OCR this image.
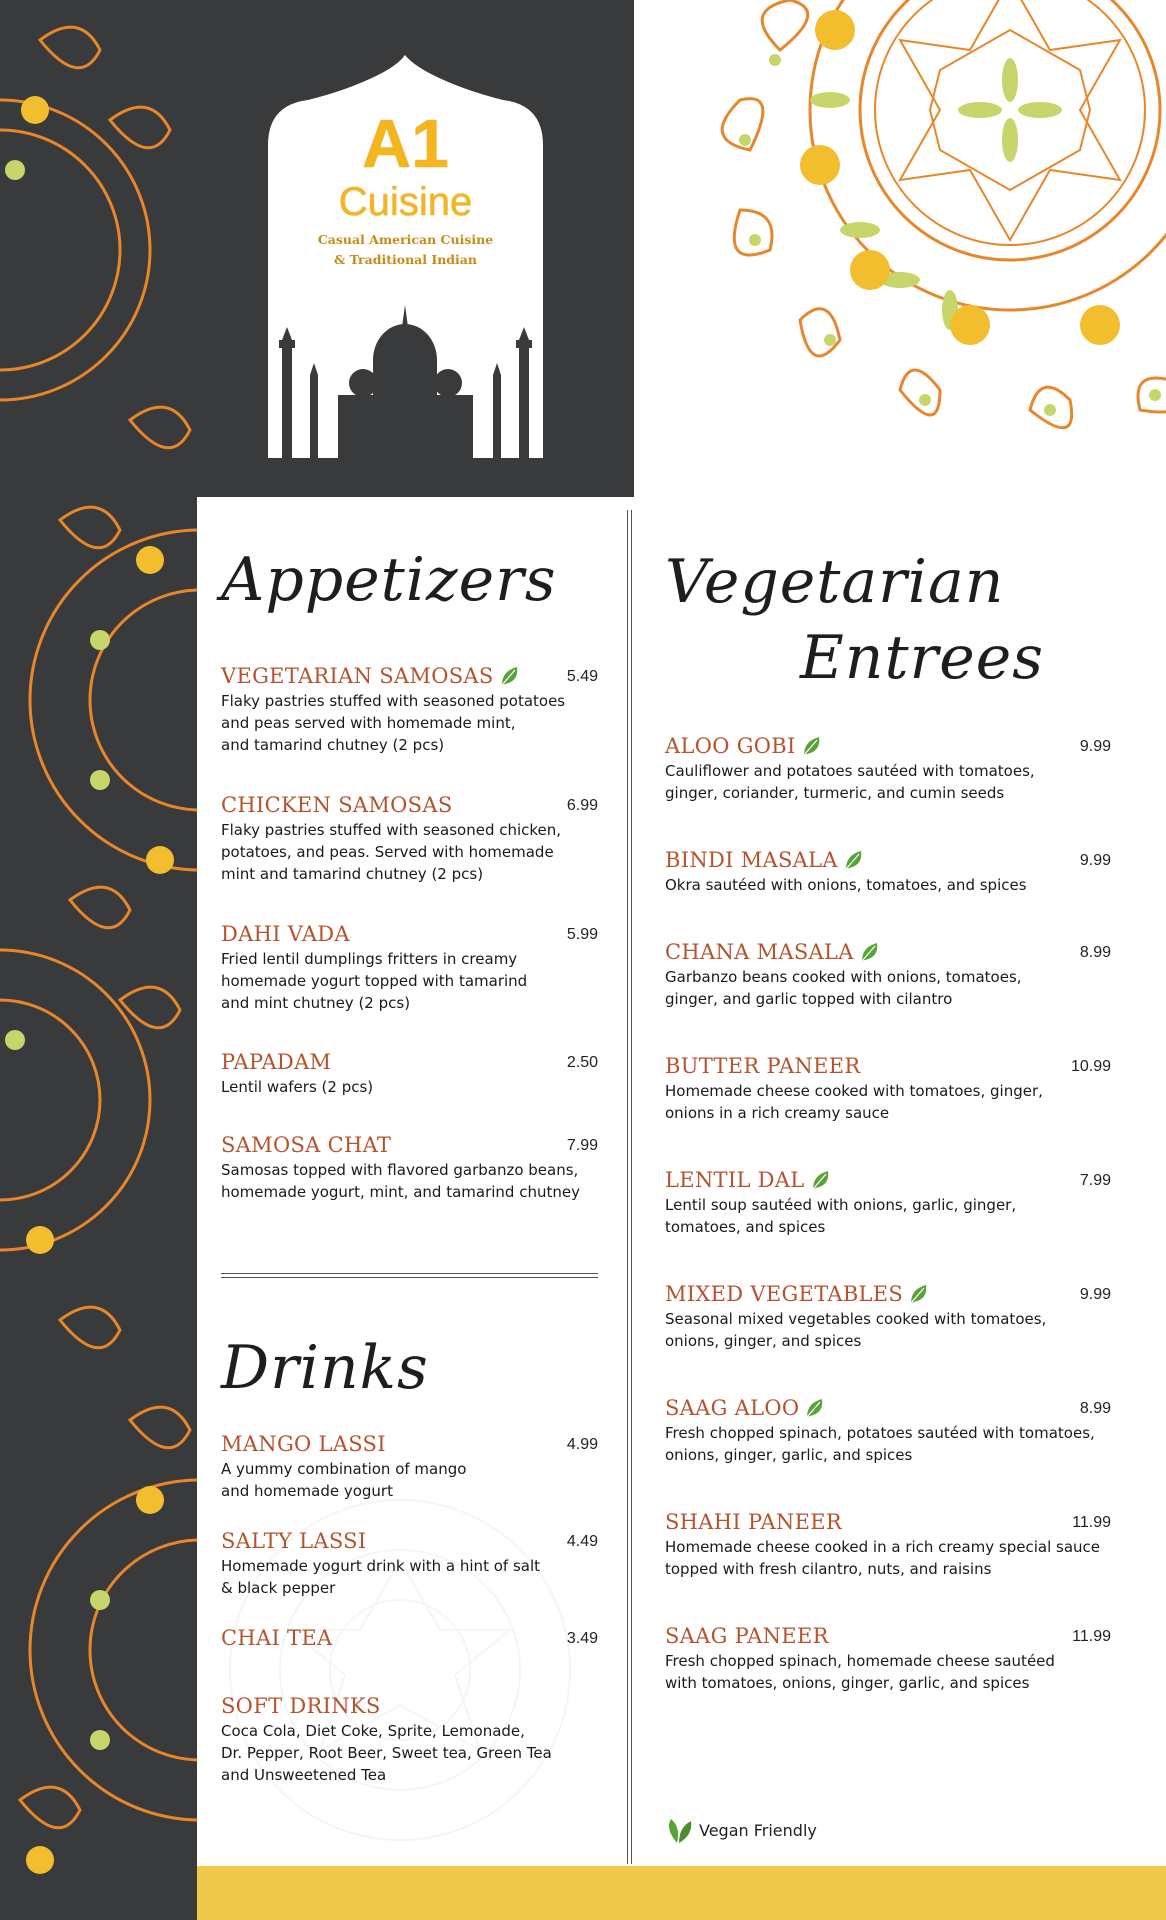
A1
Cuisine
Casual American Cuisine
& Traditional Indian
Appetizers
VEGETARIAN SAMOSAS	5.49
Flaky pastries stuffed with seasoned potatoes
and peas served with homemade mint,
and tamarind chutney (2 pcs)
CHICKEN SAMOSAS	6.99
Flaky pastries stuffed with seasoned chicken,
potatoes, and peas. Served with homemade
mint and tamarind chutney (2 pcs)
DAHI VADA	5.99
Fried lentil dumplings fritters in creamy
homemade yogurt topped with tamarind
and mint chutney (2 pcs)
PAPADAM	2.50
Lentil wafers (2 pcs)
SAMOSA CHAT	7.99
Samosas topped with flavored garbanzo beans,
homemade yogurt, mint, and tamarind chutney
Drinks
MANGO LASSI	4.99
A yummy combination of mango
and homemade yogurt
SALTY LASSI	4.49
Homemade yogurt drink with a hint of salt
& black pepper
CHAI TEA	3.49
SOFT DRINKS
Coca Cola, Diet Coke, Sprite, Lemonade,
Dr. Pepper, Root Beer, Sweet tea, Green Tea
and Unsweetened Tea
Vegetarian
Entrees
ALOO GOBI	9.99
Cauliflower and potatoes sautéed with tomatoes,
ginger, coriander, turmeric, and cumin seeds
BINDI MASALA	9.99
Okra sautéed with onions, tomatoes, and spices
CHANA MASALA	8.99
Garbanzo beans cooked with onions, tomatoes,
ginger, and garlic topped with cilantro
BUTTER PANEER	10.99
Homemade cheese cooked with tomatoes, ginger,
onions in a rich creamy sauce
LENTIL DAL	7.99
Lentil soup sautéed with onions, garlic, ginger,
tomatoes, and spices
MIXED VEGETABLES	9.99
Seasonal mixed vegetables cooked with tomatoes,
onions, ginger, and spices
SAAG ALOO	8.99
Fresh chopped spinach, potatoes sautéed with tomatoes,
onions, ginger, garlic, and spices
SHAHI PANEER	11.99
Homemade cheese cooked in a rich creamy special sauce
topped with fresh cilantro, nuts, and raisins
SAAG PANEER	11.99
Fresh chopped spinach, homemade cheese sautéed
with tomatoes, onions, ginger, garlic, and spices
Vegan Friendly
